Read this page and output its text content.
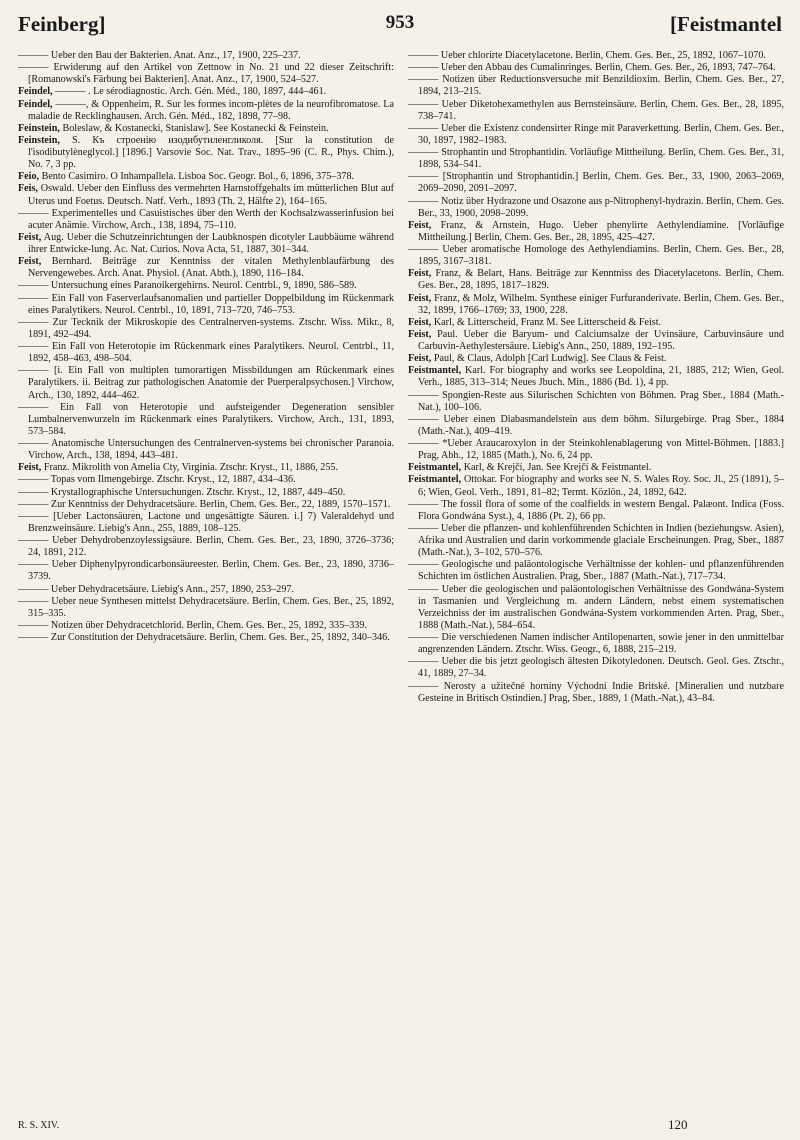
Feinberg]	953	[Feistmantel

——— Ueber den Bau der Bakterien. Anat. Anz., 17, 1900, 225–237.

——— Erwiderung auf den Artikel von Zettnow in No. 21 und 22 dieser Zeitschrift: [Romanowski's Färbung bei Bakterien]. Anat. Anz., 17, 1900, 524–527.

Feindel, ——— . Le sérodiagnostic. Arch. Gén. Méd., 180, 1897, 444–461.

Feindel, ———, & Oppenheim, R. Sur les formes incom-plètes de la neurofibromatose. La maladie de Recklinghausen. Arch. Gén. Méd., 182, 1898, 77–98.

Feinstein, Boleslaw, & Kostanecki, Stanislaw]. See Kostanecki & Feinstein.

Feinstein, S. Къ строенію изодибутиленгликоля. [Sur la constitution de l'isodibutylèneglycol.] [1896.] Varsovie Soc. Nat. Trav., 1895–96 (C. R., Phys. Chim.), No. 7, 3 pp.

Feio, Bento Casimiro. O Inhampallela. Lisboa Soc. Geogr. Bol., 6, 1896, 375–378.

Feis, Oswald. Ueber den Einfluss des vermehrten Harnstoffgehalts im mütterlichen Blut auf Uterus und Foetus. Deutsch. Natf. Verh., 1893 (Th. 2, Hälfte 2), 164–165.

——— Experimentelles und Casuistisches über den Werth der Kochsalzwasserinfusion bei acuter Anämie. Virchow, Arch., 138, 1894, 75–110.

Feist, Aug. Ueber die Schutzeinrichtungen der Laubknospen dicotyler Laubbäume während ihrer Entwicke-lung. Ac. Nat. Curios. Nova Acta, 51, 1887, 301–344.

Feist, Bernhard. Beiträge zur Kenntniss der vitalen Methylenblaufärbung des Nervengewebes. Arch. Anat. Physiol. (Anat. Abth.), 1890, 116–184.

——— Untersuchung eines Paranoikergehirns. Neurol. Centrbl., 9, 1890, 586–589.

——— Ein Fall von Faserverlaufsanomalien und partieller Doppelbildung im Rückenmark eines Paralytikers. Neurol. Centrbl., 10, 1891, 713–720, 746–753.

——— Zur Tecknik der Mikroskopie des Centralnerven-systems. Ztschr. Wiss. Mikr., 8, 1891, 492–494.

——— Ein Fall von Heterotopie im Rückenmark eines Paralytikers. Neurol. Centrbl., 11, 1892, 458–463, 498–504.

——— [i. Ein Fall von multiplen tumorartigen Missbildungen am Rückenmark eines Paralytikers. ii. Beitrag zur pathologischen Anatomie der Puerperalpsychosen.] Virchow, Arch., 130, 1892, 444–462.

——— Ein Fall von Heterotopie und aufsteigender Degeneration sensibler Lumbalnervenwurzeln im Rückenmark eines Paralytikers. Virchow, Arch., 131, 1893, 573–584.

——— Anatomische Untersuchungen des Centralnerven-systems bei chronischer Paranoia. Virchow, Arch., 138, 1894, 443–481.

Feist, Franz. Mikrolith von Amelia Cty, Virginia. Ztschr. Kryst., 11, 1886, 255.

——— Topas vom Ilmengebirge. Ztschr. Kryst., 12, 1887, 434–436.

——— Krystallographische Untersuchungen. Ztschr. Kryst., 12, 1887, 449–450.

——— Zur Kenntniss der Dehydracetsäure. Berlin, Chem. Ges. Ber., 22, 1889, 1570–1571.

——— [Ueber Lactonsäuren, Lactone und ungesättigte Säuren. i.] 7) Valeraldehyd und Brenzweinsäure. Liebig's Ann., 255, 1889, 108–125.

——— Ueber Dehydrobenzoylessigsäure. Berlin, Chem. Ges. Ber., 23, 1890, 3726–3736; 24, 1891, 212.

——— Ueber Diphenylpyrondicarbonsäureester. Berlin, Chem. Ges. Ber., 23, 1890, 3736–3739.

——— Ueber Dehydracetsäure. Liebig's Ann., 257, 1890, 253–297.

——— Ueber neue Synthesen mittelst Dehydracetsäure. Berlin, Chem. Ges. Ber., 25, 1892, 315–335.

——— Notizen über Dehydracetchlorid. Berlin, Chem. Ges. Ber., 25, 1892, 335–339.

——— Zur Constitution der Dehydracetsäure. Berlin, Chem. Ges. Ber., 25, 1892, 340–346.

——— Ueber chlorirte Diacetylacetone. Berlin, Chem. Ges. Ber., 25, 1892, 1067–1070.

——— Ueber den Abbau des Cumalinringes. Berlin, Chem. Ges. Ber., 26, 1893, 747–764.

——— Notizen über Reductionsversuche mit Benzildioxim. Berlin, Chem. Ges. Ber., 27, 1894, 213–215.

——— Ueber Diketohexamethylen aus Bernsteinsäure. Berlin, Chem. Ges. Ber., 28, 1895, 738–741.

——— Ueber die Existenz condensirter Ringe mit Paraverkettung. Berlin, Chem. Ges. Ber., 30, 1897, 1982–1983.

——— Strophantin und Strophantidin. Vorläufige Mittheilung. Berlin, Chem. Ges. Ber., 31, 1898, 534–541.

——— [Strophantin und Strophantidin.] Berlin, Chem. Ges. Ber., 33, 1900, 2063–2069, 2069–2090, 2091–2097.

——— Notiz über Hydrazone und Osazone aus p-Nitrophenyl-hydrazin. Berlin, Chem. Ges. Ber., 33, 1900, 2098–2099.

Feist, Franz, & Arnstein, Hugo. Ueber phenylirte Aethylendiamine. [Vorläufige Mittheilung.] Berlin, Chem. Ges. Ber., 28, 1895, 425–427.

——— Ueber aromatische Homologe des Aethylendiamins. Berlin, Chem. Ges. Ber., 28, 1895, 3167–3181.

Feist, Franz, & Belart, Hans. Beiträge zur Kenntniss des Diacetylacetons. Berlin, Chem. Ges. Ber., 28, 1895, 1817–1829.

Feist, Franz, & Molz, Wilhelm. Synthese einiger Furfuranderivate. Berlin, Chem. Ges. Ber., 32, 1899, 1766–1769; 33, 1900, 228.

Feist, Karl, & Litterscheid, Franz M. See Litterscheid & Feist.

Feist, Paul. Ueber die Baryum- und Calciumsalze der Uvinsäure, Carbuvinsäure und Carbuvin-Aethylestersäure. Liebig's Ann., 250, 1889, 192–195.

Feist, Paul, & Claus, Adolph [Carl Ludwig]. See Claus & Feist.

Feistmantel, Karl. For biography and works see Leopoldina, 21, 1885, 212; Wien, Geol. Verh., 1885, 313–314; Neues Jbuch. Min., 1886 (Bd. 1), 4 pp.

——— Spongien-Reste aus Silurischen Schichten von Böhmen. Prag Sber., 1884 (Math.-Nat.), 100–106.

——— Ueber einen Diabasmandelstein aus dem böhm. Silurgebirge. Prag Sber., 1884 (Math.-Nat.), 409–419.

——— *Ueber Araucaroxylon in der Steinkohlenablagerung von Mittel-Böhmen. [1883.] Prag, Abh., 12, 1885 (Math.), No. 6, 24 pp.

Feistmantel, Karl, & Krejčí, Jan. See Krejčí & Feistmantel.

Feistmantel, Ottokar. For biography and works see N. S. Wales Roy. Soc. Jl., 25 (1891), 5–6; Wien, Geol. Verh., 1891, 81–82; Termt. Közlön., 24, 1892, 642.

——— The fossil flora of some of the coalfields in western Bengal. Palæont. Indica (Foss. Flora Gondwána Syst.), 4, 1886 (Pt. 2), 66 pp.

——— Ueber die pflanzen- und kohlenführenden Schichten in Indien (beziehungsw. Asien), Afrika und Australien und darin vorkommende glaciale Erscheinungen. Prag, Sber., 1887 (Math.-Nat.), 3–102, 570–576.

——— Geologische und paläontologische Verhältnisse der kohlen- und pflanzenführenden Schichten im östlichen Australien. Prag, Sber., 1887 (Math.-Nat.), 717–734.

——— Ueber die geologischen und paläontologischen Verhältnisse des Gondwána-System in Tasmanien und Vergleichung m. andern Ländern, nebst einem systematischen Verzeichniss der im australischen Gondwána-System vorkommenden Arten. Prag, Sber., 1888 (Math.-Nat.), 584–654.

——— Die verschiedenen Namen indischer Antilopenarten, sowie jener in den unmittelbar angrenzenden Ländern. Ztschr. Wiss. Geogr., 6, 1888, 215–219.

——— Ueber die bis jetzt geologisch ältesten Dikotyledonen. Deutsch. Geol. Ges. Ztschr., 41, 1889, 27–34.

——— Nerosty a užitečné horniny Východní Indie Britské. [Mineralien und nutzbare Gesteine in Britisch Ostindien.] Prag, Sber., 1889, 1 (Math.-Nat.), 43–84.

R. S. XIV.	120
